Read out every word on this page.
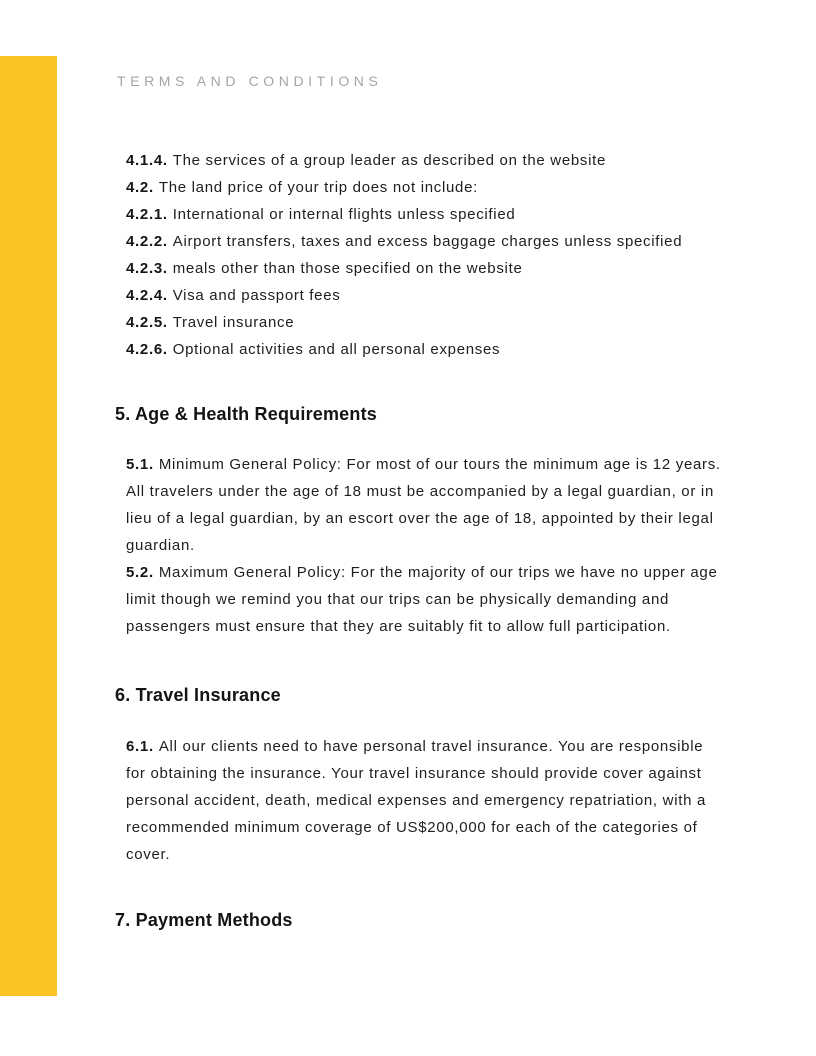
TERMS AND CONDITIONS
4.1.4. The services of a group leader as described on the website
4.2. The land price of your trip does not include:
4.2.1. International or internal flights unless specified
4.2.2. Airport transfers, taxes and excess baggage charges unless specified
4.2.3. meals other than those specified on the website
4.2.4. Visa and passport fees
4.2.5. Travel insurance
4.2.6. Optional activities and all personal expenses
5. Age & Health Requirements

5.1. Minimum General Policy: For most of our tours the minimum age is 12 years. All travelers under the age of 18 must be accompanied by a legal guardian, or in lieu of a legal guardian, by an escort over the age of 18, appointed by their legal guardian.

5.2. Maximum General Policy: For the majority of our trips we have no upper age limit though we remind you that our trips can be physically demanding and passengers must ensure that they are suitably fit to allow full participation.

6. Travel Insurance

6.1. All our clients need to have personal travel insurance. You are responsible for obtaining the insurance. Your travel insurance should provide cover against personal accident, death, medical expenses and emergency repatriation, with a recommended minimum coverage of US$200,000 for each of the categories of cover.

7. Payment Methods
